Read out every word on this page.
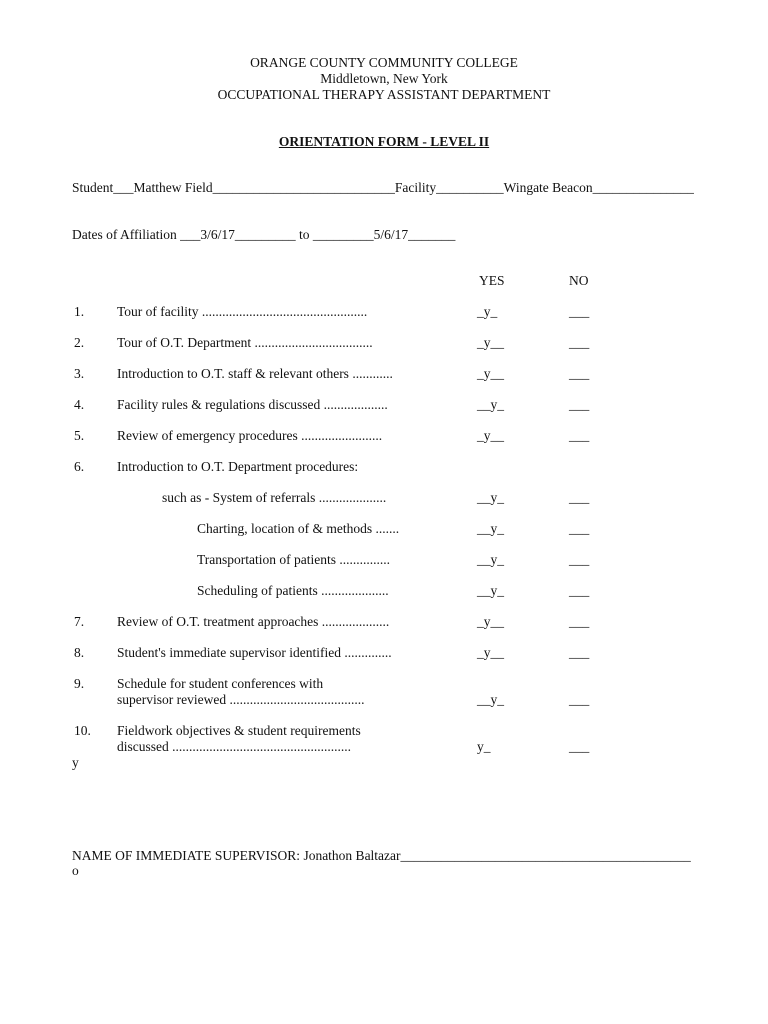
ORANGE COUNTY COMMUNITY COLLEGE
Middletown, New York
OCCUPATIONAL THERAPY ASSISTANT DEPARTMENT
ORIENTATION FORM - LEVEL II
Student___Matthew Field___________________________Facility__________Wingate Beacon_______________
Dates of Affiliation ___3/6/17_________ to _________5/6/17_______
YES	NO
1. Tour of facility .................................................	_y_	___
2. Tour of O.T. Department ...................................	_y__	___
3. Introduction to O.T. staff & relevant others ............	_y__	___
4. Facility rules & regulations discussed ...................	__y_	___
5. Review of emergency procedures ........................	_y__	___
6. Introduction to O.T. Department procedures:
such as - System of referrals ....................	__y_	___
Charting, location of & methods .......	__y_	___
Transportation of patients ...............	__y_	___
Scheduling of patients ....................	__y_	___
7. Review of O.T. treatment approaches ....................	_y__	___
8. Student's immediate supervisor identified ..............	_y__	___
9. Schedule for student conferences with
supervisor reviewed ........................................	__y_	___
10. Fieldwork objectives & student requirements
discussed .....................................................	y_	___
y
NAME OF IMMEDIATE SUPERVISOR: Jonathon Baltazar___________________________________________
o
